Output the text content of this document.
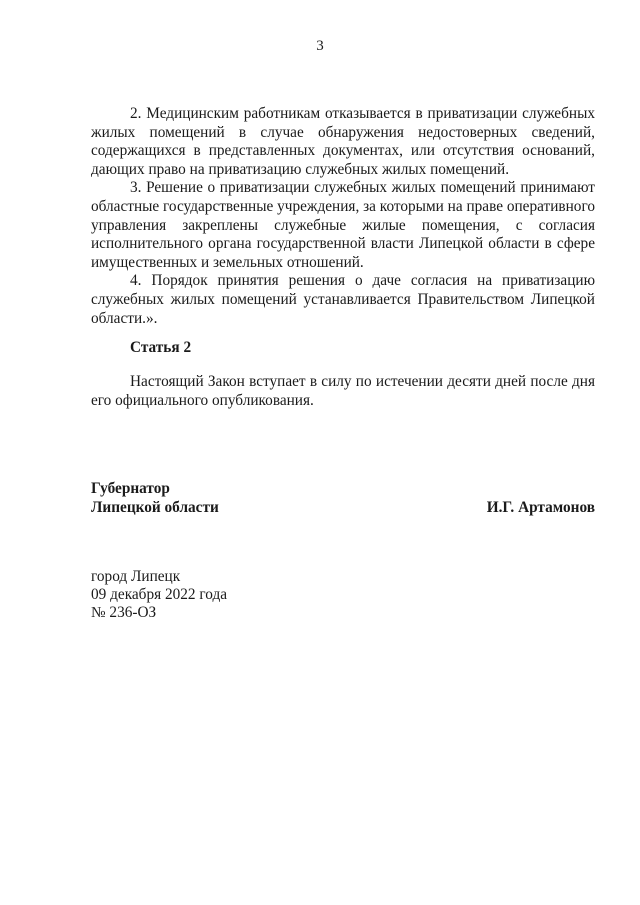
3

2. Медицинским работникам отказывается в приватизации служебных жилых помещений в случае обнаружения недостоверных сведений, содержащихся в представленных документах, или отсутствия оснований, дающих право на приватизацию служебных жилых помещений.

3. Решение о приватизации служебных жилых помещений принимают областные государственные учреждения, за которыми на праве оперативного управления закреплены служебные жилые помещения, с согласия исполнительного органа государственной власти Липецкой области в сфере имущественных и земельных отношений.

4. Порядок принятия решения о даче согласия на приватизацию служебных жилых помещений устанавливается Правительством Липецкой области.».

Статья 2

Настоящий Закон вступает в силу по истечении десяти дней после дня его официального опубликования.

Губернатор
Липецкой области	И.Г. Артамонов
город Липецк
09 декабря 2022 года
№ 236-ОЗ
